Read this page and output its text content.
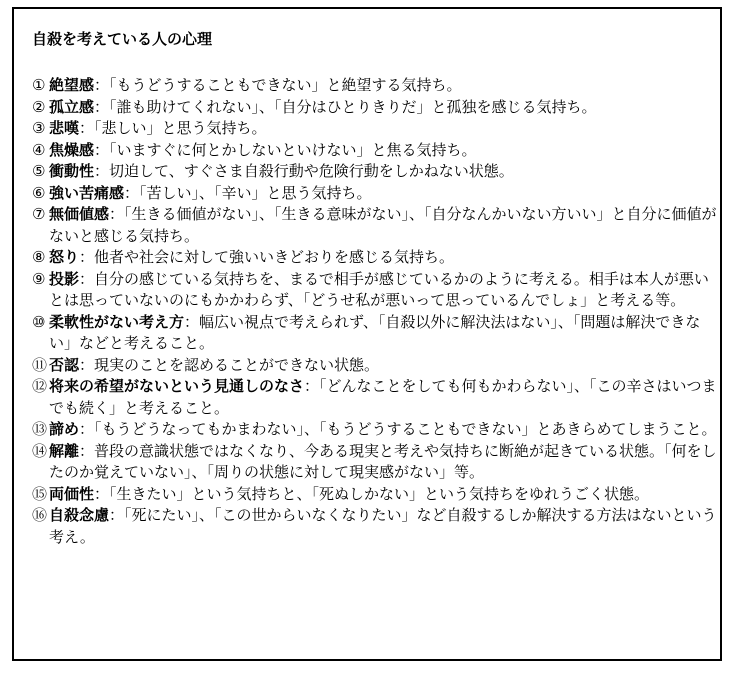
自殺を考えている人の心理
① 絶望感：「もうどうすることもできない」と絶望する気持ち。
② 孤立感：「誰も助けてくれない」、「自分はひとりきりだ」と孤独を感じる気持ち。
③ 悲嘆：「悲しい」と思う気持ち。
④ 焦燥感：「いますぐに何とかしないといけない」と焦る気持ち。
⑤ 衝動性：切迫して、すぐさま自殺行動や危険行動をしかねない状態。
⑥ 強い苦痛感：「苦しい」、「辛い」と思う気持ち。
⑦ 無価値感：「生きる価値がない」、「生きる意味がない」、「自分なんかいない方いい」と自分に価値がないと感じる気持ち。
⑧ 怒り：他者や社会に対して強いいきどおりを感じる気持ち。
⑨ 投影：自分の感じている気持ちを、まるで相手が感じているかのように考える。相手は本人が悪いとは思っていないのにもかかわらず、「どうせ私が悪いって思っているんでしょ」と考える等。
⑩ 柔軟性がない考え方：幅広い視点で考えられず、「自殺以外に解決法はない」、「問題は解決できない」などと考えること。
⑪ 否認：現実のことを認めることができない状態。
⑫ 将来の希望がないという見通しのなさ：「どんなことをしても何もかわらない」、「この辛さはいつまでも続く」と考えること。
⑬ 諦め：「もうどうなってもかまわない」、「もうどうすることもできない」とあきらめてしまうこと。
⑭ 解離：普段の意識状態ではなくなり、今ある現実と考えや気持ちに断絶が起きている状態。「何をしたのか覚えていない」、「周りの状態に対して現実感がない」等。
⑮ 両価性：「生きたい」という気持ちと、「死ぬしかない」という気持ちをゆれうごく状態。
⑯ 自殺念慮：「死にたい」、「この世からいなくなりたい」など自殺するしか解決する方法はないという考え。
